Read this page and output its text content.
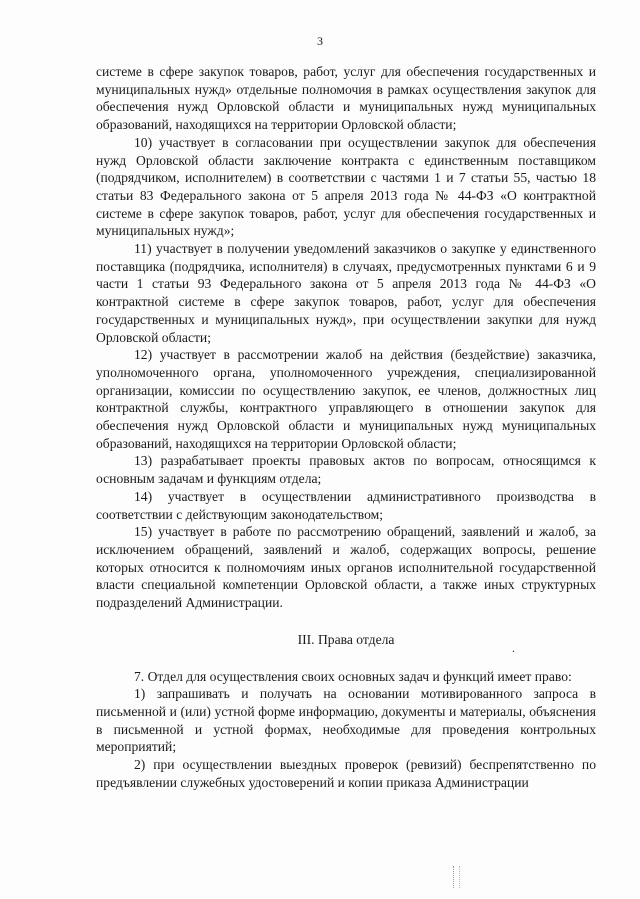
3

системе в сфере закупок товаров, работ, услуг для обеспечения государственных и муниципальных нужд» отдельные полномочия в рамках осуществления закупок для обеспечения нужд Орловской области и муниципальных нужд муниципальных образований, находящихся на территории Орловской области;

10) участвует в согласовании при осуществлении закупок для обеспечения нужд Орловской области заключение контракта с единственным поставщиком (подрядчиком, исполнителем) в соответствии с частями 1 и 7 статьи 55, частью 18 статьи 83 Федерального закона от 5 апреля 2013 года № 44-ФЗ «О контрактной системе в сфере закупок товаров, работ, услуг для обеспечения государственных и муниципальных нужд»;

11) участвует в получении уведомлений заказчиков о закупке у единственного поставщика (подрядчика, исполнителя) в случаях, предусмотренных пунктами 6 и 9 части 1 статьи 93 Федерального закона от 5 апреля 2013 года № 44-ФЗ «О контрактной системе в сфере закупок товаров, работ, услуг для обеспечения государственных и муниципальных нужд», при осуществлении закупки для нужд Орловской области;

12) участвует в рассмотрении жалоб на действия (бездействие) заказчика, уполномоченного органа, уполномоченного учреждения, специализированной организации, комиссии по осуществлению закупок, ее членов, должностных лиц контрактной службы, контрактного управляющего в отношении закупок для обеспечения нужд Орловской области и муниципальных нужд муниципальных образований, находящихся на территории Орловской области;

13) разрабатывает проекты правовых актов по вопросам, относящимся к основным задачам и функциям отдела;

14) участвует в осуществлении административного производства в соответствии с действующим законодательством;

15) участвует в работе по рассмотрению обращений, заявлений и жалоб, за исключением обращений, заявлений и жалоб, содержащих вопросы, решение которых относится к полномочиям иных органов исполнительной государственной власти специальной компетенции Орловской области, а также иных структурных подразделений Администрации.

III. Права отдела

7. Отдел для осуществления своих основных задач и функций имеет право:

1) запрашивать и получать на основании мотивированного запроса в письменной и (или) устной форме информацию, документы и материалы, объяснения в письменной и устной формах, необходимые для проведения контрольных мероприятий;

2) при осуществлении выездных проверок (ревизий) беспрепятственно по предъявлении служебных удостоверений и копии приказа Администрации

.
